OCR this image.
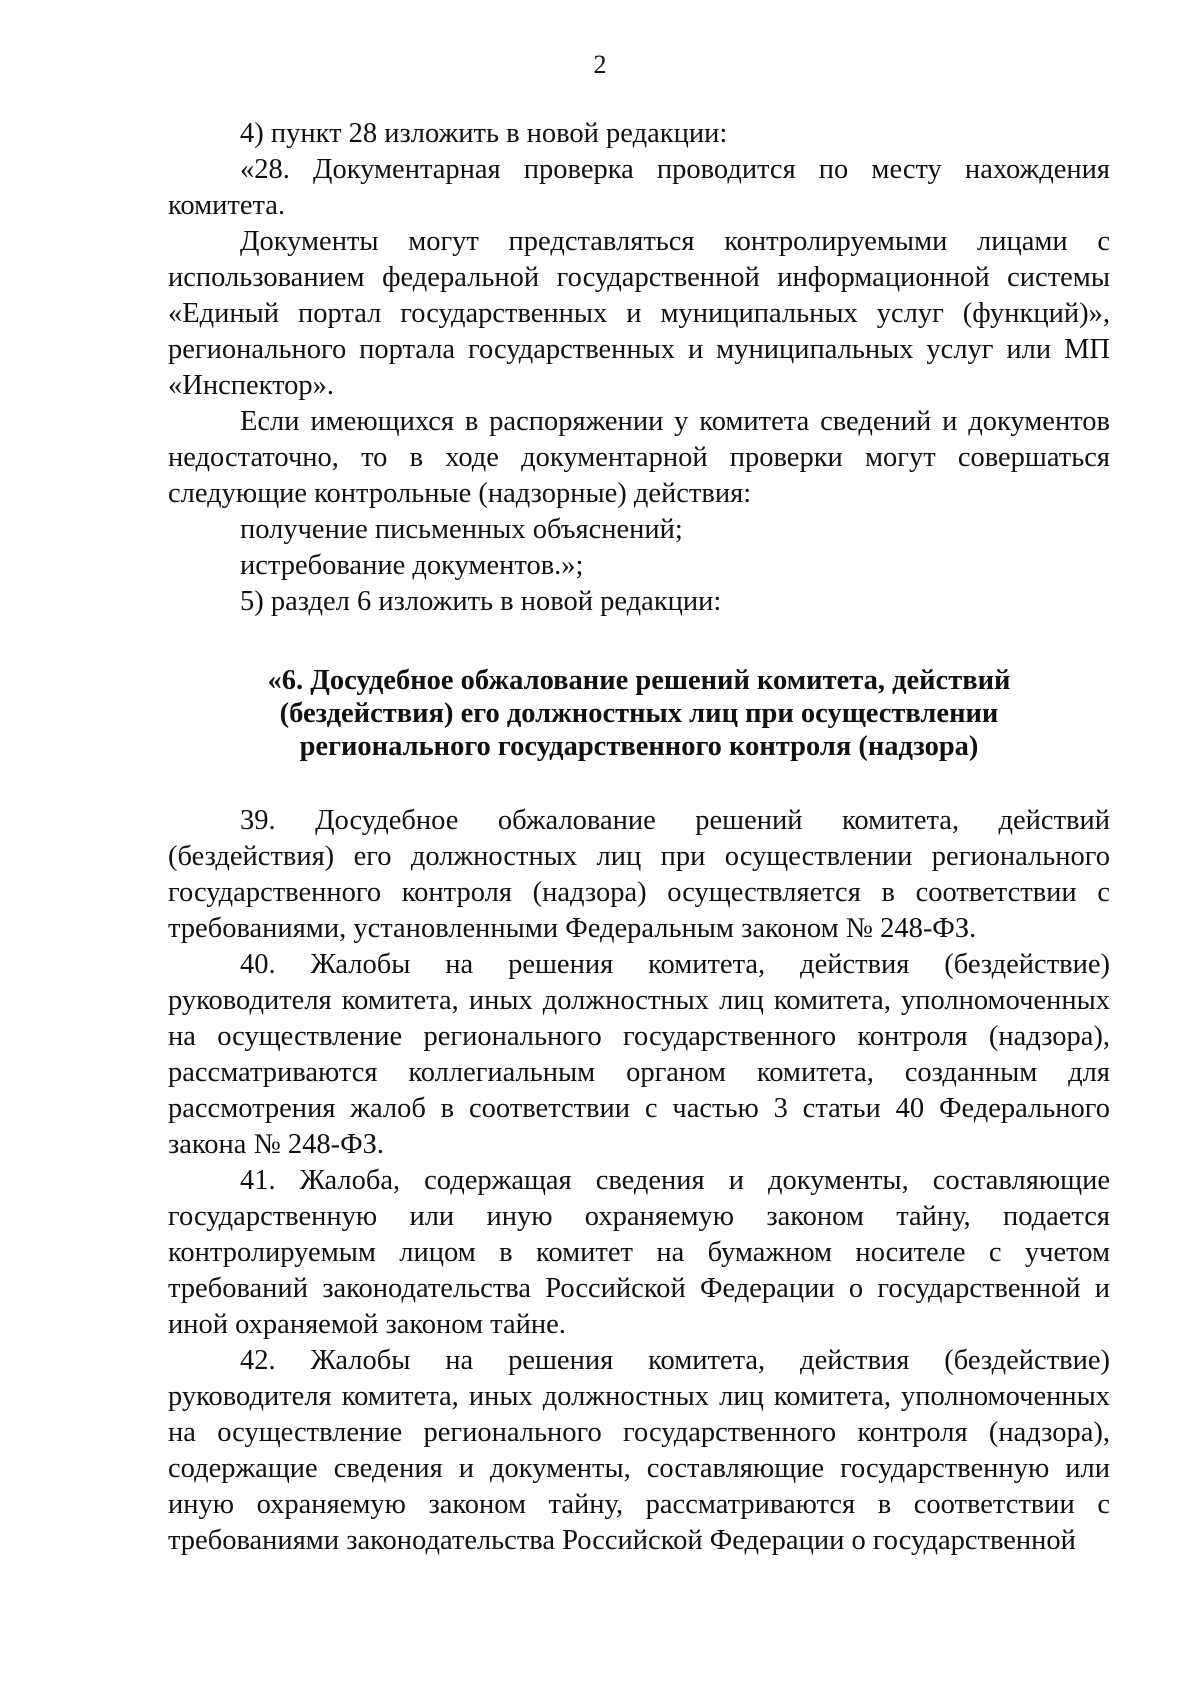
2

4) пункт 28 изложить в новой редакции:

«28. Документарная проверка проводится по месту нахождения комитета.

Документы могут представляться контролируемыми лицами с использованием федеральной государственной информационной системы «Единый портал государственных и муниципальных услуг (функций)», регионального портала государственных и муниципальных услуг или МП «Инспектор».

Если имеющихся в распоряжении у комитета сведений и документов недостаточно, то в ходе документарной проверки могут совершаться следующие контрольные (надзорные) действия:

получение письменных объяснений;

истребование документов.»;

5) раздел 6 изложить в новой редакции:

«6. Досудебное обжалование решений комитета, действий
(бездействия) его должностных лиц при осуществлении
регионального государственного контроля (надзора)

39. Досудебное обжалование решений комитета, действий (бездействия) его должностных лиц при осуществлении регионального государственного контроля (надзора) осуществляется в соответствии с требованиями, установленными Федеральным законом № 248-ФЗ.

40. Жалобы на решения комитета, действия (бездействие) руководителя комитета, иных должностных лиц комитета, уполномоченных на осуществление регионального государственного контроля (надзора), рассматриваются коллегиальным органом комитета, созданным для рассмотрения жалоб в соответствии с частью 3 статьи 40 Федерального закона № 248-ФЗ.

41. Жалоба, содержащая сведения и документы, составляющие государственную или иную охраняемую законом тайну, подается контролируемым лицом в комитет на бумажном носителе с учетом требований законодательства Российской Федерации о государственной и иной охраняемой законом тайне.

42. Жалобы на решения комитета, действия (бездействие) руководителя комитета, иных должностных лиц комитета, уполномоченных на осуществление регионального государственного контроля (надзора), содержащие сведения и документы, составляющие государственную или иную охраняемую законом тайну, рассматриваются в соответствии с требованиями законодательства Российской Федерации о государственной
